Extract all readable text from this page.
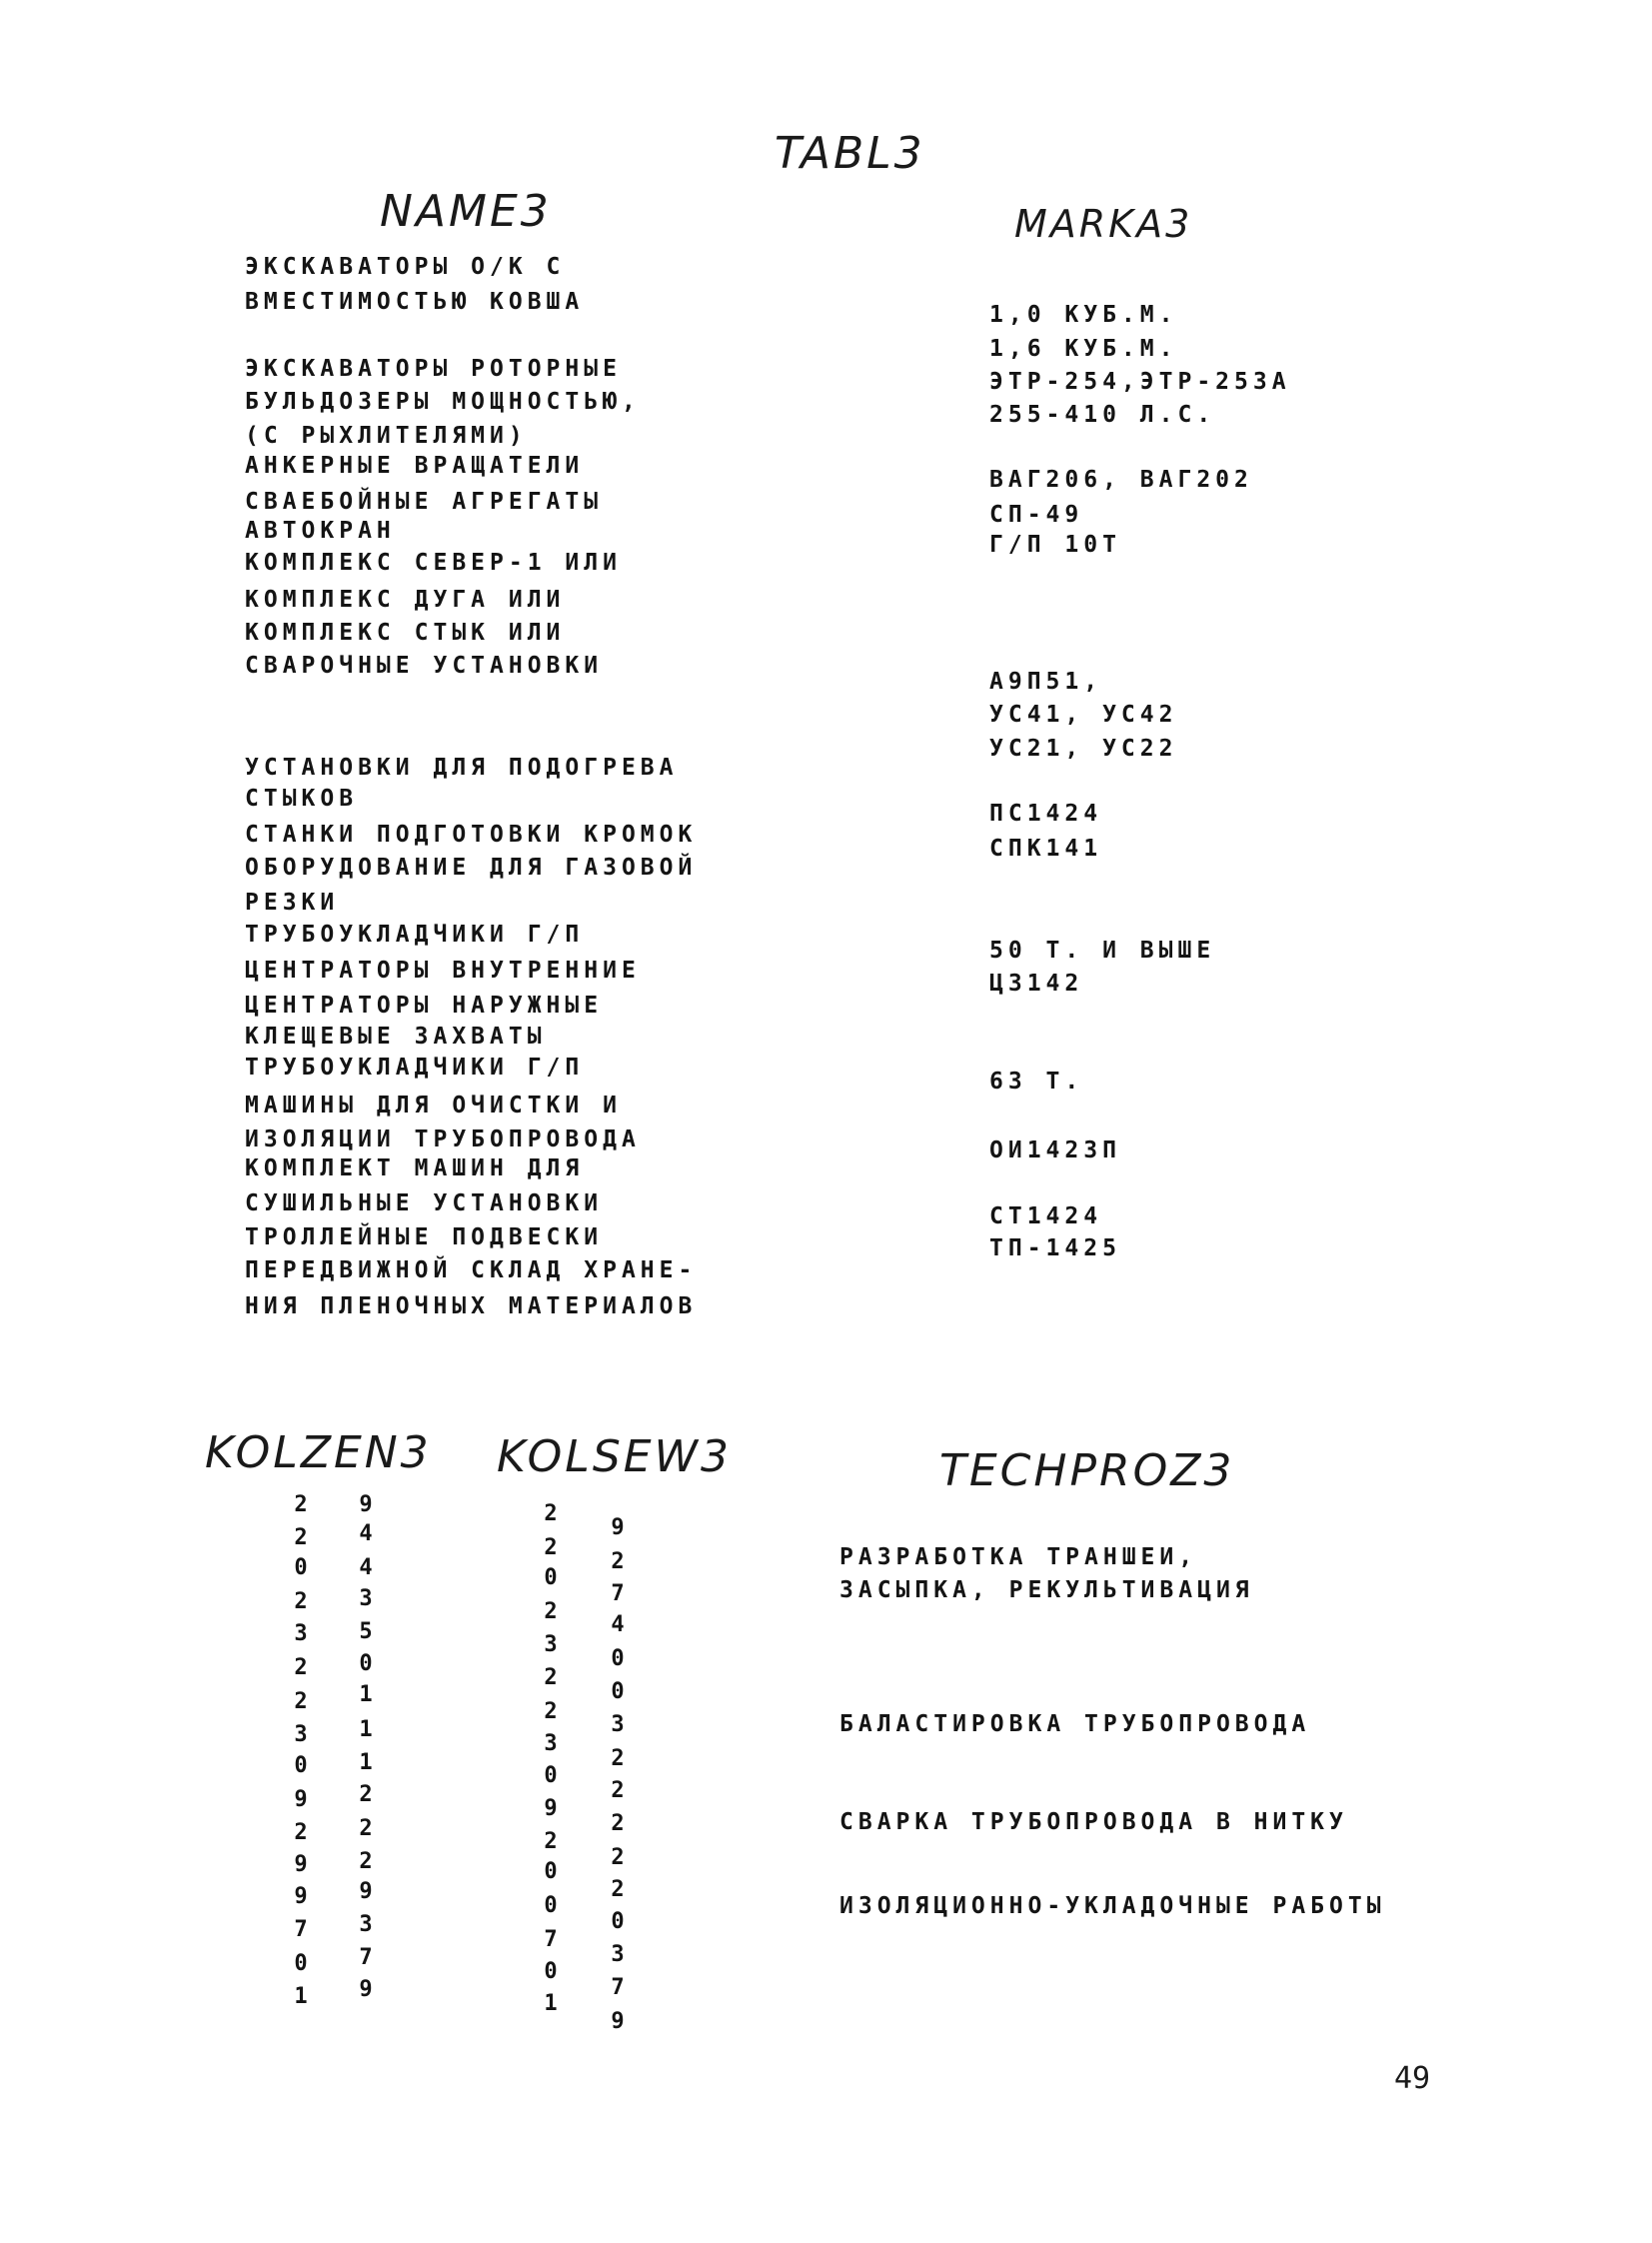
TABL3
NAME3	MARKA3
KOLZEN3 KOLSEW3	TECHPROZ3

ЭКСКАВАТОРЫ О/К С

ВМЕСТИМОСТЬЮ КОВША

ЭКСКАВАТОРЫ РОТОРНЫЕ

БУЛЬДОЗЕРЫ МОЩНОСТЬЮ,

(С РЫХЛИТЕЛЯМИ)

АНКЕРНЫЕ ВРАЩАТЕЛИ

СВАЕБОЙНЫЕ АГРЕГАТЫ

АВТОКРАН

КОМПЛЕКС СЕВЕР-1 ИЛИ

КОМПЛЕКС ДУГА ИЛИ

КОМПЛЕКС СТЫК ИЛИ

СВАРОЧНЫЕ УСТАНОВКИ

УСТАНОВКИ ДЛЯ ПОДОГРЕВА

СТЫКОВ

СТАНКИ ПОДГОТОВКИ КРОМОК

ОБОРУДОВАНИЕ ДЛЯ ГАЗОВОЙ

РЕЗКИ

ТРУБОУКЛАДЧИКИ Г/П

ЦЕНТРАТОРЫ ВНУТРЕННИЕ

ЦЕНТРАТОРЫ НАРУЖНЫЕ

КЛЕЩЕВЫЕ ЗАХВАТЫ

ТРУБОУКЛАДЧИКИ Г/П

МАШИНЫ ДЛЯ ОЧИСТКИ И

ИЗОЛЯЦИИ ТРУБОПРОВОДА

КОМПЛЕКТ МАШИН ДЛЯ

СУШИЛЬНЫЕ УСТАНОВКИ

ТРОЛЛЕЙНЫЕ ПОДВЕСКИ

ПЕРЕДВИЖНОЙ СКЛАД ХРАНЕ-

НИЯ ПЛЕНОЧНЫХ МАТЕРИАЛОВ

1,0 КУБ.М.

1,6 КУБ.М.

ЭТР-254,ЭТР-253А

255-410 Л.С.

ВАГ206, ВАГ202

СП-49

Г/П 10Т

А9П51,

УС41, УС42

УС21, УС22

ПС1424

СПК141

50 Т. И ВЫШЕ

Ц3142

63 Т.

ОИ1423П

СТ1424

ТП-1425

2 9
2 4
0 4
2 3
3 5
2 0
2 1
3 1
0 1
9 2
2 2
9 2
9 9
7 3
0 7
1 9
2
9
2
2
0
7
2
4
3
0
2
0
2
3
3
2
0
2
9
2
2
2
0
2
0
0
7
3
0
7
1
9

РАЗРАБОТКА ТРАНШЕИ,

ЗАСЫПКА, РЕКУЛЬТИВАЦИЯ

БАЛАСТИРОВКА ТРУБОПРОВОДА

СВАРКА ТРУБОПРОВОДА В НИТКУ

ИЗОЛЯЦИОННО-УКЛАДОЧНЫЕ РАБОТЫ

49
